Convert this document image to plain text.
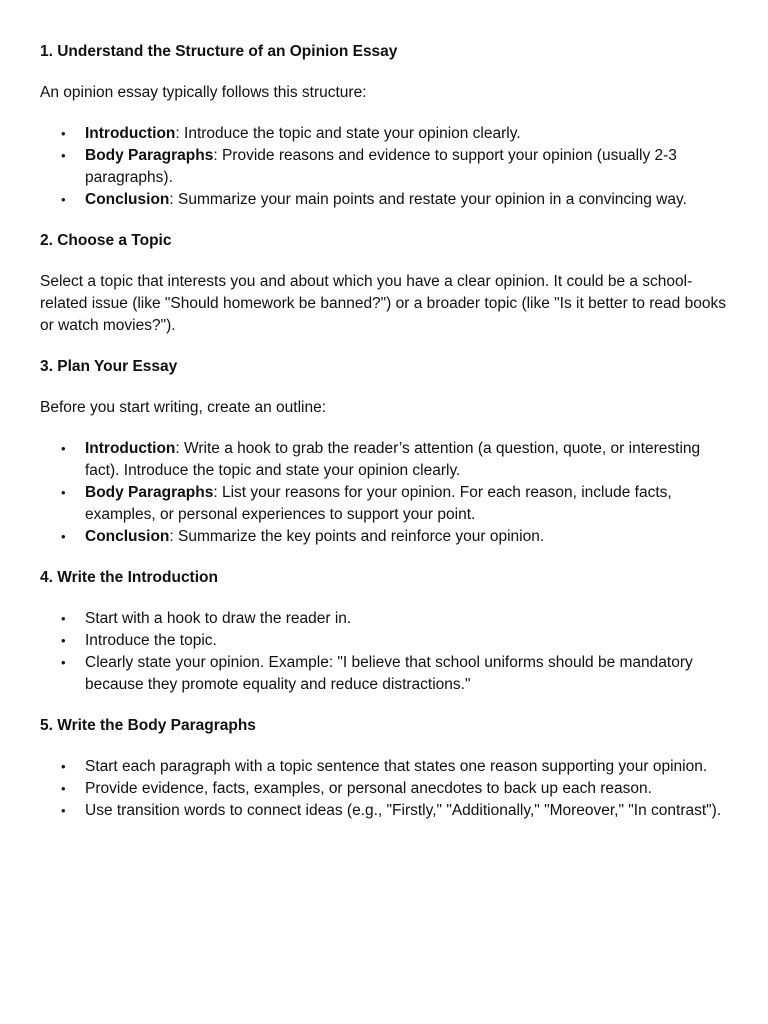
1. Understand the Structure of an Opinion Essay
An opinion essay typically follows this structure:
• Introduction: Introduce the topic and state your opinion clearly.
• Body Paragraphs: Provide reasons and evidence to support your opinion (usually 2-3 paragraphs).
• Conclusion: Summarize your main points and restate your opinion in a convincing way.
2. Choose a Topic
Select a topic that interests you and about which you have a clear opinion. It could be a school-related issue (like "Should homework be banned?") or a broader topic (like "Is it better to read books or watch movies?").
3. Plan Your Essay
Before you start writing, create an outline:
• Introduction: Write a hook to grab the reader’s attention (a question, quote, or interesting fact). Introduce the topic and state your opinion clearly.
• Body Paragraphs: List your reasons for your opinion. For each reason, include facts, examples, or personal experiences to support your point.
• Conclusion: Summarize the key points and reinforce your opinion.
4. Write the Introduction
• Start with a hook to draw the reader in.
• Introduce the topic.
• Clearly state your opinion. Example: "I believe that school uniforms should be mandatory because they promote equality and reduce distractions."
5. Write the Body Paragraphs
• Start each paragraph with a topic sentence that states one reason supporting your opinion.
• Provide evidence, facts, examples, or personal anecdotes to back up each reason.
• Use transition words to connect ideas (e.g., "Firstly," "Additionally," "Moreover," "In contrast").
